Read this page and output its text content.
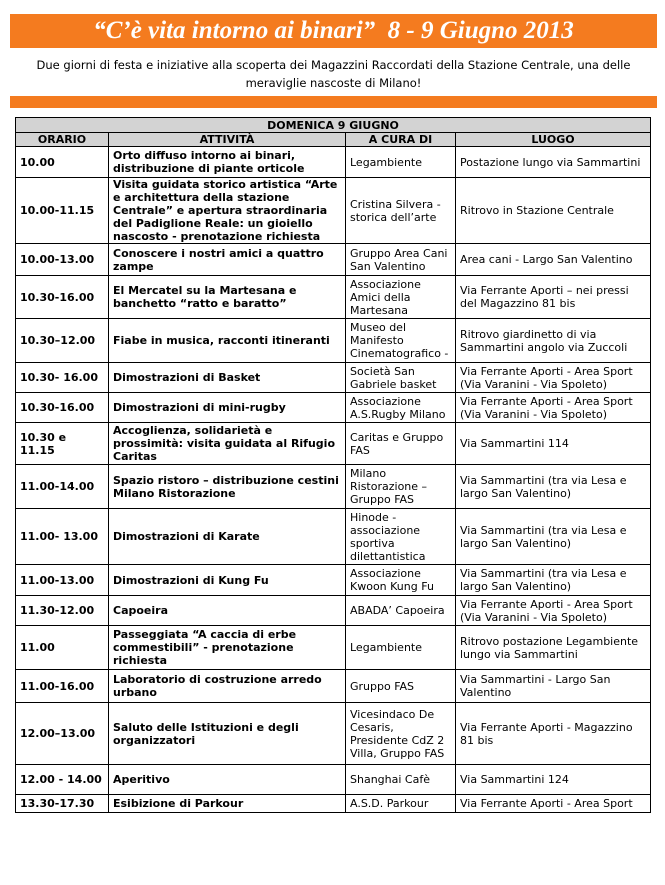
“C’è vita intorno ai binari”  8 - 9 Giugno 2013
Due giorni di festa e iniziative alla scoperta dei Magazzini Raccordati della Stazione Centrale, una delle
meraviglie nascoste di Milano!
DOMENICA 9 GIUGNO			
ORARIO	ATTIVITÀ	A CURA DI	LUOGO
10.00	Orto diffuso intorno ai binari, distribuzione di piante orticole	Legambiente	Postazione lungo via Sammartini
10.00-11.15	Visita guidata storico artistica “Arte e architettura della stazione Centrale” e apertura straordinaria del Padiglione Reale: un gioiello nascosto - prenotazione richiesta	Cristina Silvera - storica dell’arte	Ritrovo in Stazione Centrale
10.00-13.00	Conoscere i nostri amici a quattro zampe	Gruppo Area Cani San Valentino	Area cani - Largo San Valentino
10.30-16.00	El Mercatel su la Martesana e banchetto “ratto e baratto”	Associazione Amici della Martesana	Via Ferrante Aporti – nei pressi del Magazzino 81 bis
10.30–12.00	Fiabe in musica, racconti itineranti	Museo del Manifesto Cinematografico -	Ritrovo giardinetto di via Sammartini angolo via Zuccoli
10.30- 16.00	Dimostrazioni di Basket	Società San Gabriele basket	Via Ferrante Aporti - Area Sport (Via Varanini - Via Spoleto)
10.30-16.00	Dimostrazioni di mini-rugby	Associazione A.S.Rugby Milano	Via Ferrante Aporti - Area Sport (Via Varanini - Via Spoleto)
10.30 e 11.15	Accoglienza, solidarietà e prossimità: visita guidata al Rifugio Caritas	Caritas e Gruppo FAS	Via Sammartini 114
11.00-14.00	Spazio ristoro – distribuzione cestini Milano Ristorazione	Milano Ristorazione – Gruppo FAS	Via Sammartini (tra via Lesa e largo San Valentino)
11.00- 13.00	Dimostrazioni di Karate	Hinode - associazione sportiva dilettantistica	Via Sammartini (tra via Lesa e largo San Valentino)
11.00-13.00	Dimostrazioni di Kung Fu	Associazione Kwoon Kung Fu	Via Sammartini (tra via Lesa e largo San Valentino)
11.30-12.00	Capoeira	ABADA’ Capoeira	Via Ferrante Aporti - Area Sport (Via Varanini - Via Spoleto)
11.00	Passeggiata “A caccia di erbe commestibili” - prenotazione richiesta	Legambiente	Ritrovo postazione Legambiente lungo via Sammartini
11.00-16.00	Laboratorio di costruzione arredo urbano	Gruppo FAS	Via Sammartini - Largo San Valentino
12.00–13.00	Saluto delle Istituzioni e degli organizzatori	Vicesindaco De Cesaris, Presidente CdZ 2 Villa, Gruppo FAS	Via Ferrante Aporti - Magazzino 81 bis
12.00 - 14.00	Aperitivo	Shanghai Cafè	Via Sammartini 124
13.30-17.30	Esibizione di Parkour	A.S.D. Parkour	Via Ferrante Aporti - Area Sport
